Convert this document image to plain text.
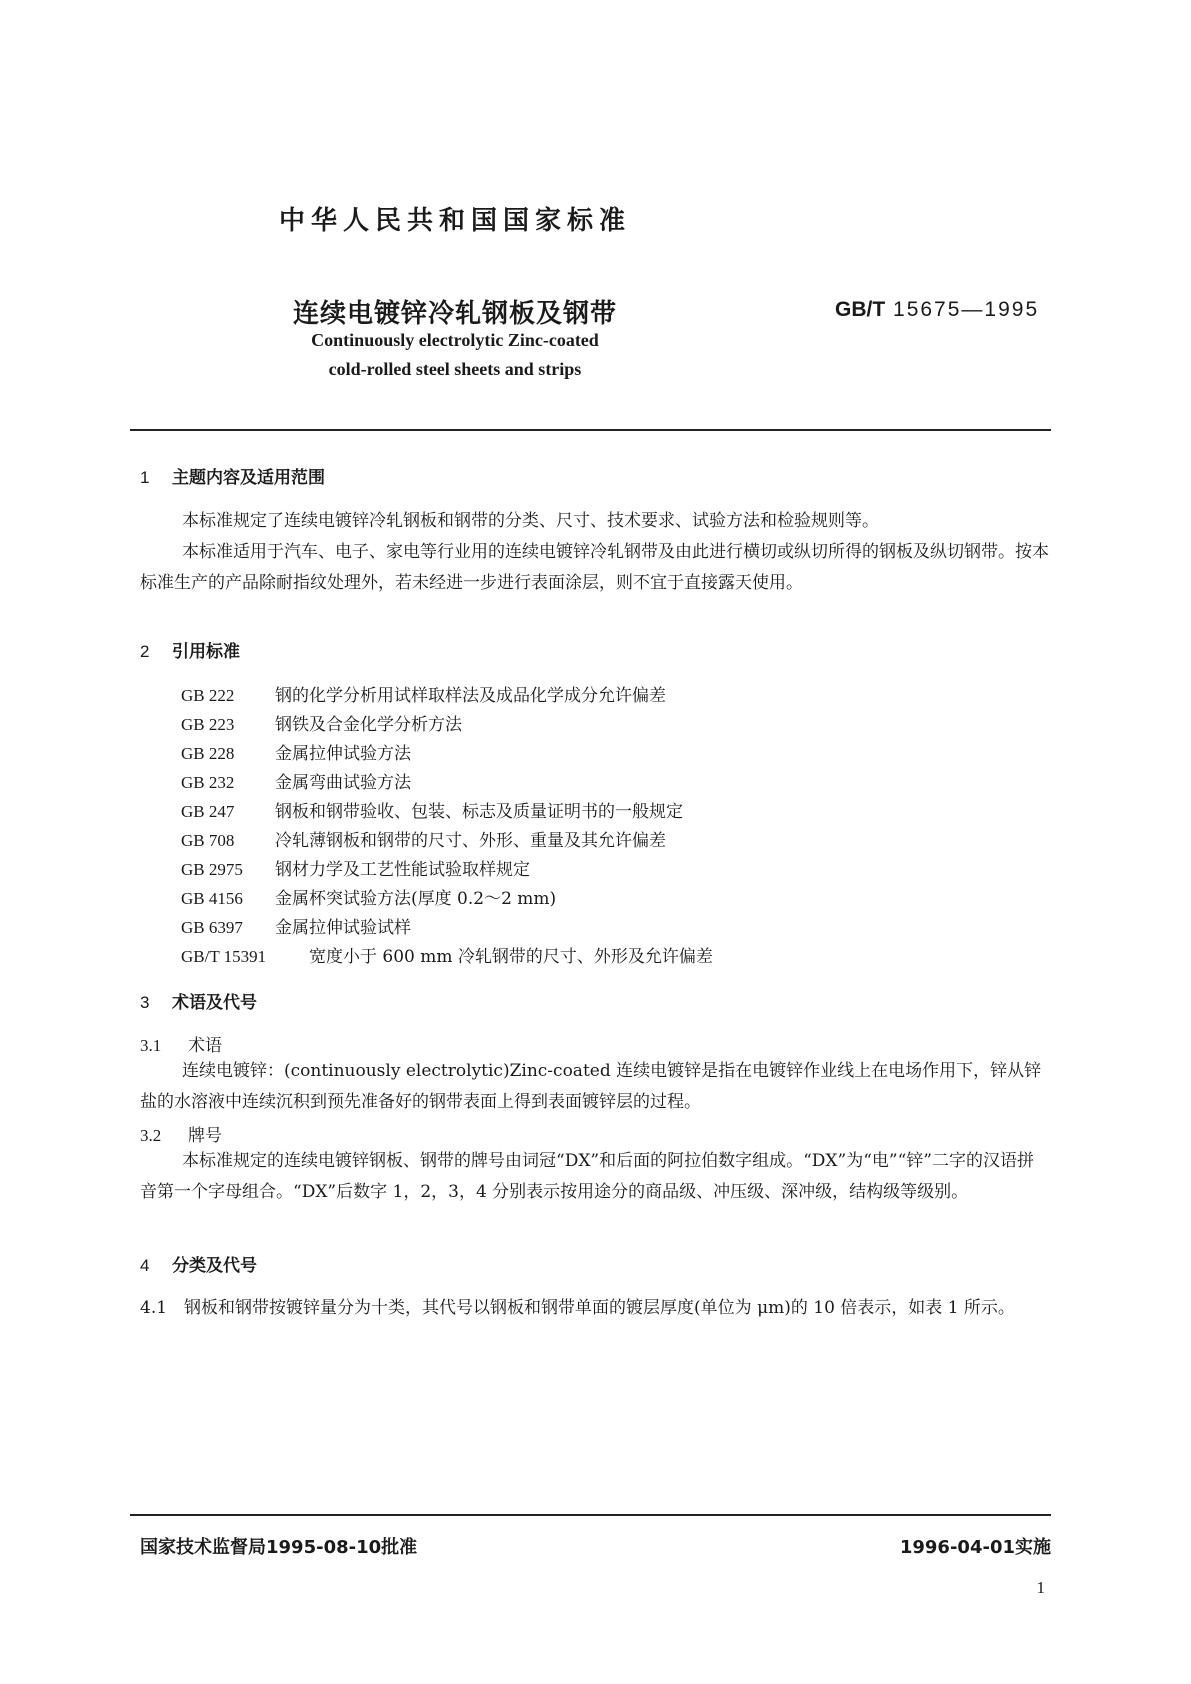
中华人民共和国国家标准
连续电镀锌冷轧钢板及钢带	GB/T 15675—1995
Continuously electrolytic Zinc-coated
cold-rolled steel sheets and strips
1 主题内容及适用范围
本标准规定了连续电镀锌冷轧钢板和钢带的分类、尺寸、技术要求、试验方法和检验规则等。
本标准适用于汽车、电子、家电等行业用的连续电镀锌冷轧钢带及由此进行横切或纵切所得的钢板及纵切钢带。按本标准生产的产品除耐指纹处理外，若未经进一步进行表面涂层，则不宜于直接露天使用。
2 引用标准
GB 222 钢的化学分析用试样取样法及成品化学成分允许偏差
GB 223 钢铁及合金化学分析方法
GB 228 金属拉伸试验方法
GB 232 金属弯曲试验方法
GB 247 钢板和钢带验收、包装、标志及质量证明书的一般规定
GB 708 冷轧薄钢板和钢带的尺寸、外形、重量及其允许偏差
GB 2975 钢材力学及工艺性能试验取样规定
GB 4156 金属杯突试验方法(厚度 0.2～2 mm)
GB 6397 金属拉伸试验试样
GB/T 15391	宽度小于 600 mm 冷轧钢带的尺寸、外形及允许偏差
3 术语及代号
3.1 术语
连续电镀锌：(continuously electrolytic)Zinc-coated 连续电镀锌是指在电镀锌作业线上在电场作用下，锌从锌盐的水溶液中连续沉积到预先准备好的钢带表面上得到表面镀锌层的过程。
3.2 牌号
本标准规定的连续电镀锌钢板、钢带的牌号由词冠“DX”和后面的阿拉伯数字组成。“DX”为“电”“锌”二字的汉语拼音第一个字母组合。“DX”后数字 1，2，3，4 分别表示按用途分的商品级、冲压级、深冲级，结构级等级别。
4 分类及代号
4.1　钢板和钢带按镀锌量分为十类，其代号以钢板和钢带单面的镀层厚度(单位为 μm)的 10 倍表示，如表 1 所示。
国家技术监督局1995-08-10批准	1996-04-01实施
1
